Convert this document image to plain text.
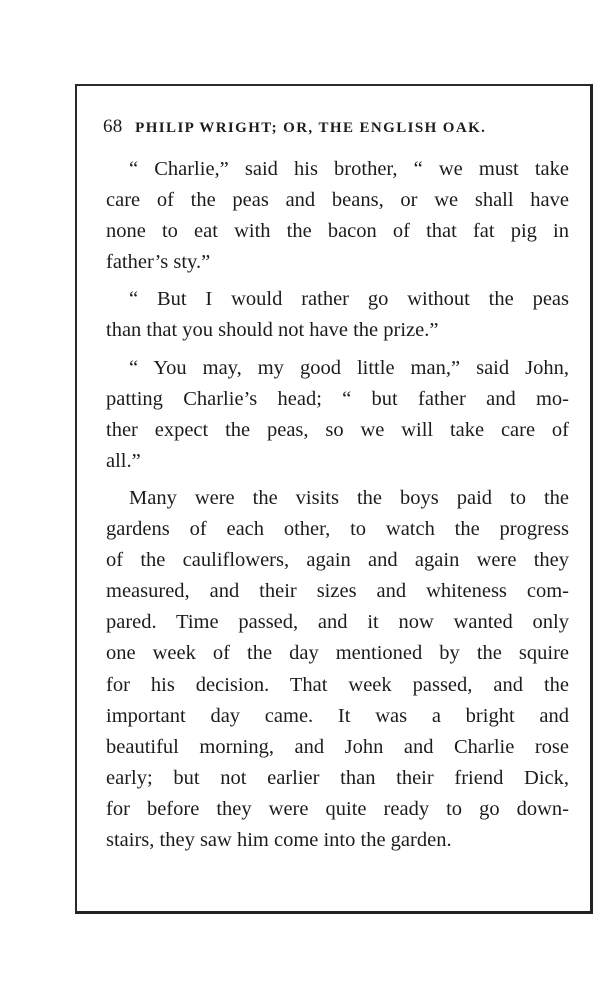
68 PHILIP WRIGHT; OR, THE ENGLISH OAK.
“ Charlie,” said his brother, “ we must take
care of the peas and beans, or we shall have
none to eat with the bacon of that fat pig in
father’s sty.”
“ But I would rather go without the peas
than that you should not have the prize.”
“ You may, my good little man,” said John,
patting Charlie’s head; “ but father and mo-
ther expect the peas, so we will take care of
all.”
Many were the visits the boys paid to the
gardens of each other, to watch the progress
of the cauliflowers, again and again were they
measured, and their sizes and whiteness com-
pared. Time passed, and it now wanted only
one week of the day mentioned by the squire
for his decision. That week passed, and the
important day came. It was a bright and
beautiful morning, and John and Charlie rose
early; but not earlier than their friend Dick,
for before they were quite ready to go down-
stairs, they saw him come into the garden.
